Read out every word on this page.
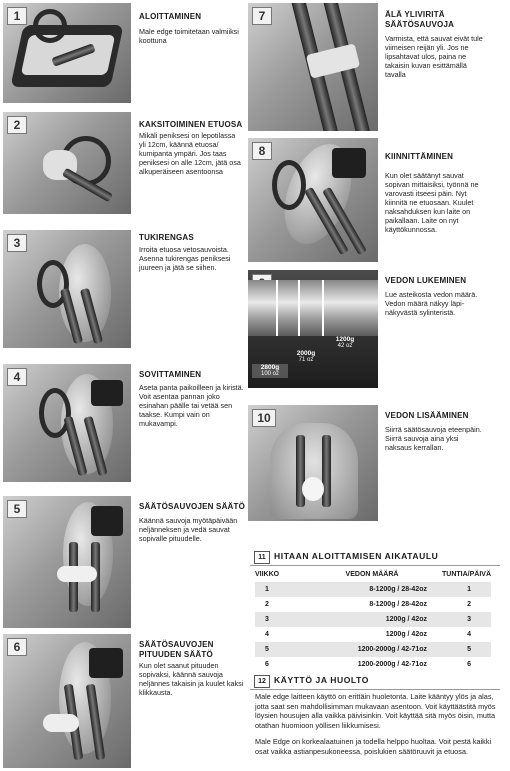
1	ALOITTAMINEN
Male edge toimitetaan valmiiksi koottuna
2	KAKSITOIMINEN ETUOSA
Mikäli peniksesi on lepotilassa yli 12cm, käännä etuosa/ kumipanta ympäri. Jos taas peniksesi on alle 12cm, jätä osa alkuperäiseen asentoonsa
3	TUKIRENGAS
Irroita etuosa vetosauvoista. Asenna tukirengas peniksesi juureen ja jätä se siihen.
4	SOVITTAMINEN
Aseta panta paikoilleen ja kiristä. Voit asentaa pannan joko esinahan päälle tai vetää sen taakse. Kumpi vain on mukavampi.
5	SÄÄTÖSAUVOJEN SÄÄTÖ
Käännä sauvoja myötäpäivään neljänneksen ja vedä sauvat sopivalle pituudelle.
6	SÄÄTÖSAUVOJEN PITUUDEN SÄÄTÖ
Kun olet saanut pituuden sopivaksi, käännä sauvoja neljännes takaisin ja kuulet kaksi klikkausta.
7	ÄLÄ YLIVIRITÄ SÄÄTÖSAUVOJA
Varmista, että sauvat eivät tule viimeisen reijän yli. Jos ne lipsahtavat ulos, paina ne takaisin kuvan esittämällä tavalla
8	KIINNITTÄMINEN
Kun olet säätänyt sauvat sopivan mittaisiksi, työnnä ne varovasti itseesi päin. Nyt kiinnitä ne etuosaan. Kuulet naksahduksen kun laite on paikallaan. Laite on nyt käyttökunnossa.
1200g
42 oz
2000g
71 oz
2800g
100 oz
VEDON LUKEMINEN
Lue asteikosta vedon määrä. Vedon määrä näkyy läpi- näkyvästä sylinteristä.
10	VEDON LISÄÄMINEN
Siirrä säätösauvoja eteenpäin. Siirrä sauvoja aina yksi naksaus kerrallan.
11 HITAAN ALOITTAMISEN AIKATAULU
VIIKKO	VEDON MÄÄRÄ	TUNTIA/PÄIVÄ
1	8-1200g / 28-42oz	1
2	8-1200g / 28-42oz	2
3	1200g / 42oz	3
4	1200g / 42oz	4
5	1200-2000g / 42-71oz	5
6	1200-2000g / 42-71oz	6
12 KÄYTTÖ JA HUOLTO
Male edge laitteen käyttö on erittäin huoletonta. Laite kääntyy ylös ja alas, jotta saat sen mahdollisimman mukavaan asentoon. Voit käyttäästitä myös löysien housujen alla vaikka päivisinkin. Voit käyttää sitä myös öisin, mutta otathan huomioon yöllisen liikkumisesi.
Male Edge on korkealaatuinen ja todella helppo huoltaa. Voit pestä kaikki osat vaikka astianpesukoneessa, poislukien säätöruuvit ja etuosa.
